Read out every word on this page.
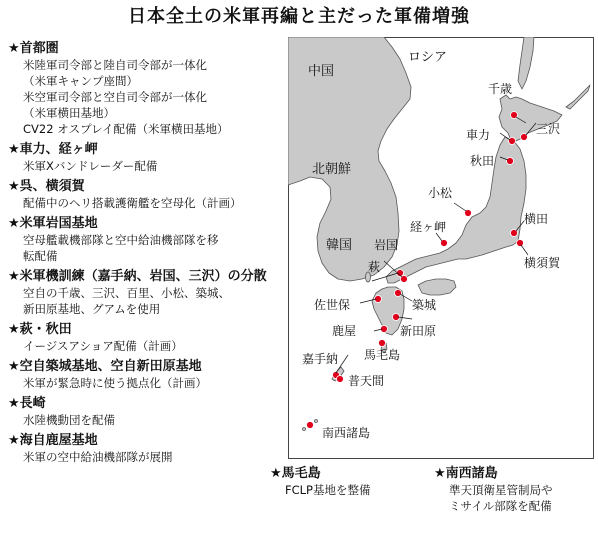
日本全土の米軍再編と主だった軍備増強
★首都圏
米陸軍司令部と陸自司令部が一体化
（米軍キャンプ座間）
米空軍司令部と空自司令部が一体化
（米軍横田基地）
CV22 オスプレイ配備（米軍横田基地）
★車力、経ヶ岬
米軍Xバンドレーダー配備
★呉、横須賀
配備中のヘリ搭載護衛艦を空母化（計画）
★米軍岩国基地
空母艦載機部隊と空中給油機部隊を移
転配備
★米軍機訓練（嘉手納、岩国、三沢）の分散
空自の千歳、三沢、百里、小松、築城、
新田原基地、グアムを使用
★萩・秋田
イージスアショア配備（計画）
★空自築城基地、空自新田原基地
米軍が緊急時に使う拠点化（計画）
★長崎
水陸機動団を配備
★海自鹿屋基地
米軍の空中給油機部隊が展開
中国
ロシア
北朝鮮
韓国
千歳
三沢
車力
秋田
小松
経ヶ岬
横田
横須賀
岩国
萩
佐世保	築城
鹿屋	新田原
馬毛島
嘉手納
普天間
南西諸島
★馬毛島
FCLP基地を整備
★南西諸島
準天頂衛星管制局や
ミサイル部隊を配備
